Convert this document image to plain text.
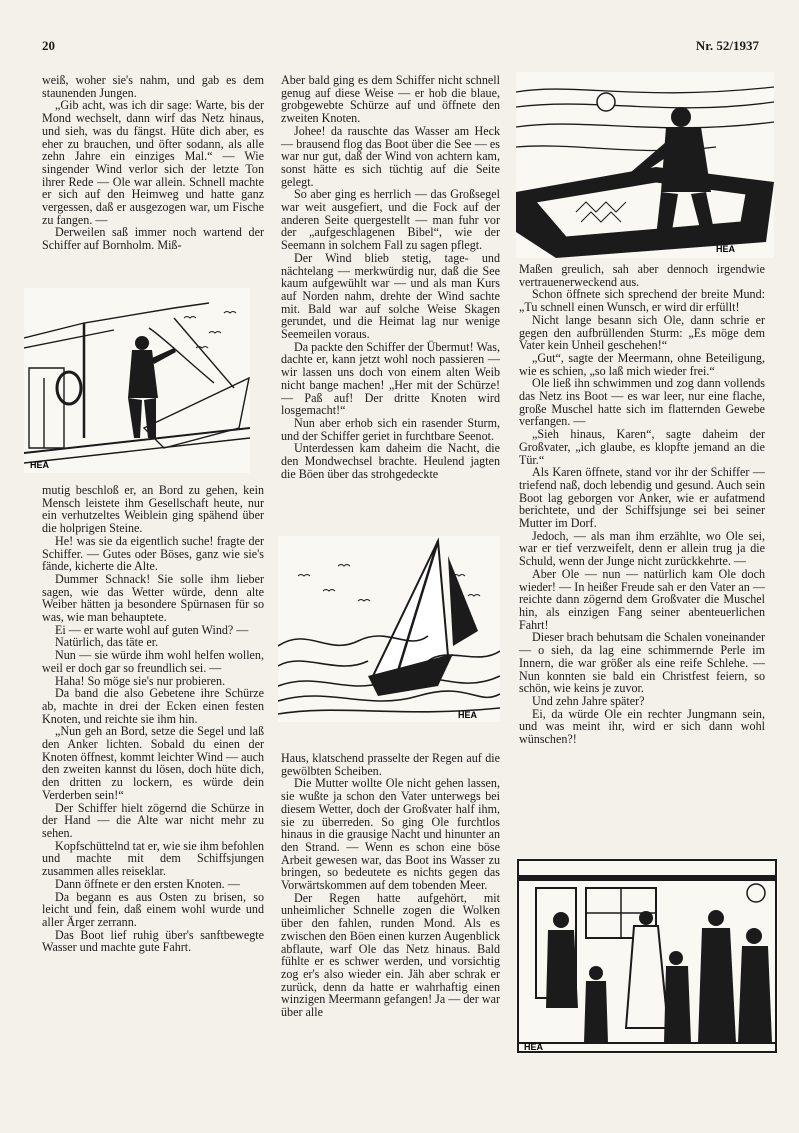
20	Nr. 52/1937

weiß, woher sie's nahm, und gab es dem staunenden Jungen.

„Gib acht, was ich dir sage: Warte, bis der Mond wechselt, dann wirf das Netz hinaus, und sieh, was du fängst. Hüte dich aber, es eher zu brauchen, und öfter sodann, als alle zehn Jahre ein einziges Mal.“ — Wie singender Wind verlor sich der letzte Ton ihrer Rede — Ole war allein. Schnell machte er sich auf den Heimweg und hatte ganz vergessen, daß er ausgezogen war, um Fische zu fangen. —

Derweilen saß immer noch wartend der Schiffer auf Bornholm. Miß-

HEA

mutig beschloß er, an Bord zu gehen, kein Mensch leistete ihm Gesellschaft heute, nur ein verhutzeltes Weiblein ging spähend über die holprigen Steine.

He! was sie da eigentlich suche! fragte der Schiffer. — Gutes oder Böses, ganz wie sie's fände, kicherte die Alte.

Dummer Schnack! Sie solle ihm lieber sagen, wie das Wetter würde, denn alte Weiber hätten ja besondere Spürnasen für so was, wie man behauptete.

Ei — er warte wohl auf guten Wind? —

Natürlich, das täte er.

Nun — sie würde ihm wohl helfen wollen, weil er doch gar so freundlich sei. —

Haha! So möge sie's nur probieren.

Da band die also Gebetene ihre Schürze ab, machte in drei der Ecken einen festen Knoten, und reichte sie ihm hin.

„Nun geh an Bord, setze die Segel und laß den Anker lichten. Sobald du einen der Knoten öffnest, kommt leichter Wind — auch den zweiten kannst du lösen, doch hüte dich, den dritten zu lockern, es würde dein Verderben sein!“

Der Schiffer hielt zögernd die Schürze in der Hand — die Alte war nicht mehr zu sehen.

Kopfschüttelnd tat er, wie sie ihm befohlen und machte mit dem Schiffsjungen zusammen alles reiseklar.

Dann öffnete er den ersten Knoten. —

Da begann es aus Osten zu brisen, so leicht und fein, daß einem wohl wurde und aller Ärger zerrann.

Das Boot lief ruhig über's sanftbewegte Wasser und machte gute Fahrt.

Aber bald ging es dem Schiffer nicht schnell genug auf diese Weise — er hob die blaue, grobgewebte Schürze auf und öffnete den zweiten Knoten.

Johee! da rauschte das Wasser am Heck — brausend flog das Boot über die See — es war nur gut, daß der Wind von achtern kam, sonst hätte es sich tüchtig auf die Seite gelegt.

So aber ging es herrlich — das Großsegel war weit ausgefiert, und die Fock auf der anderen Seite quergestellt — man fuhr vor der „aufgeschlagenen Bibel“, wie der Seemann in solchem Fall zu sagen pflegt.

Der Wind blieb stetig, tage- und nächtelang — merkwürdig nur, daß die See kaum aufgewühlt war — und als man Kurs auf Norden nahm, drehte der Wind sachte mit. Bald war auf solche Weise Skagen gerundet, und die Heimat lag nur wenige Seemeilen voraus.

Da packte den Schiffer der Übermut! Was, dachte er, kann jetzt wohl noch passieren — wir lassen uns doch von einem alten Weib nicht bange machen! „Her mit der Schürze! — Paß auf! Der dritte Knoten wird losgemacht!“

Nun aber erhob sich ein rasender Sturm, und der Schiffer geriet in furchtbare Seenot.

Unterdessen kam daheim die Nacht, die den Mondwechsel brachte. Heulend jagten die Böen über das strohgedeckte

HEA

Haus, klatschend prasselte der Regen auf die gewölbten Scheiben.

Die Mutter wollte Ole nicht gehen lassen, sie wußte ja schon den Vater unterwegs bei diesem Wetter, doch der Großvater half ihm, sie zu überreden. So ging Ole furchtlos hinaus in die grausige Nacht und hinunter an den Strand. — Wenn es schon eine böse Arbeit gewesen war, das Boot ins Wasser zu bringen, so bedeutete es nichts gegen das Vorwärtskommen auf dem tobenden Meer.

Der Regen hatte aufgehört, mit unheimlicher Schnelle zogen die Wolken über den fahlen, runden Mond. Als es zwischen den Böen einen kurzen Augenblick abflaute, warf Ole das Netz hinaus. Bald fühlte er es schwer werden, und vorsichtig zog er's also wieder ein. Jäh aber schrak er zurück, denn da hatte er wahrhaftig einen winzigen Meermann gefangen! Ja — der war über alle

HEA

Maßen greulich, sah aber dennoch irgendwie vertrauenerweckend aus.

Schon öffnete sich sprechend der breite Mund: „Tu schnell einen Wunsch, er wird dir erfüllt!

Nicht lange besann sich Ole, dann schrie er gegen den aufbrüllenden Sturm: „Es möge dem Vater kein Unheil geschehen!“

„Gut“, sagte der Meermann, ohne Beteiligung, wie es schien, „so laß mich wieder frei.“

Ole ließ ihn schwimmen und zog dann vollends das Netz ins Boot — es war leer, nur eine flache, große Muschel hatte sich im flatternden Gewebe verfangen. —

„Sieh hinaus, Karen“, sagte daheim der Großvater, „ich glaube, es klopfte jemand an die Tür.“

Als Karen öffnete, stand vor ihr der Schiffer — triefend naß, doch lebendig und gesund. Auch sein Boot lag geborgen vor Anker, wie er aufatmend berichtete, und der Schiffsjunge sei bei seiner Mutter im Dorf.

Jedoch, — als man ihm erzählte, wo Ole sei, war er tief verzweifelt, denn er allein trug ja die Schuld, wenn der Junge nicht zurückkehrte. —

Aber Ole — nun — natürlich kam Ole doch wieder! — In heißer Freude sah er den Vater an — reichte dann zögernd dem Großvater die Muschel hin, als einzigen Fang seiner abenteuerlichen Fahrt!

Dieser brach behutsam die Schalen voneinander — o sieh, da lag eine schimmernde Perle im Innern, die war größer als eine reife Schlehe. — Nun konnten sie bald ein Christfest feiern, so schön, wie keins je zuvor.

Und zehn Jahre später?

Ei, da würde Ole ein rechter Jungmann sein, und was meint ihr, wird er sich dann wohl wünschen?!

HEA
